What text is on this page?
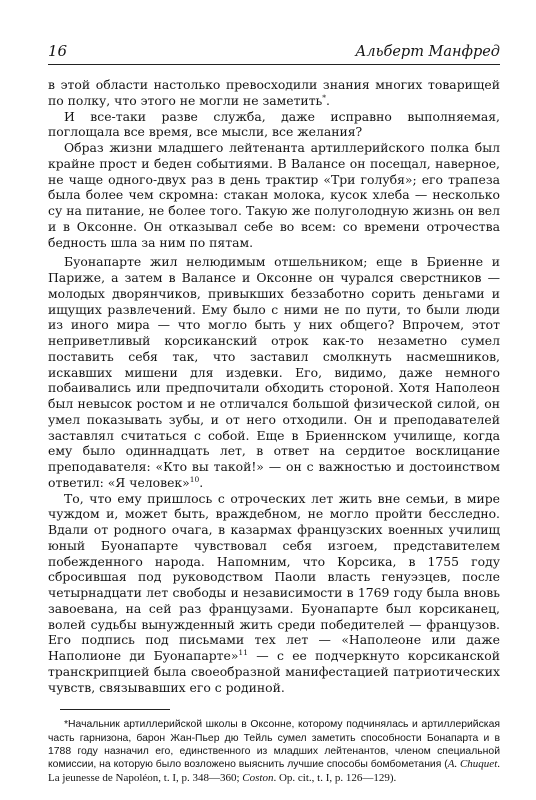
16	Альберт Манфред

в этой области настолько превосходили знания многих товарищей по полку, что этого не могли не заметить*.

И все-таки разве служба, даже исправно выполняемая, поглощала все время, все мысли, все желания?

Образ жизни младшего лейтенанта артиллерийского полка был крайне прост и беден событиями. В Валансе он посещал, наверное, не чаще одного-двух раз в день трактир «Три голубя»; его трапеза была более чем скромна: стакан молока, кусок хлеба — несколько су на питание, не более того. Такую же полуголодную жизнь он вел и в Оксонне. Он отказывал себе во всем: со времени отрочества бедность шла за ним по пятам.

Буонапарте жил нелюдимым отшельником; еще в Бриенне и Париже, а затем в Валансе и Оксонне он чурался сверстников — молодых дворянчиков, привыкших беззаботно сорить деньгами и ищущих развлечений. Ему было с ними не по пути, то были люди из иного мира — что могло быть у них общего? Впрочем, этот неприветливый корсиканский отрок как-то незаметно сумел поставить себя так, что заставил смолкнуть насмешников, искавших мишени для издевки. Его, видимо, даже немного побаивались или предпочитали обходить стороной. Хотя Наполеон был невысок ростом и не отличался большой физической силой, он умел показывать зубы, и от него отходили. Он и преподавателей заставлял считаться с собой. Еще в Бриеннском училище, когда ему было одиннадцать лет, в ответ на сердитое восклицание преподавателя: «Кто вы такой!» — он с важностью и достоинством ответил: «Я человек»$^{10}$.

То, что ему пришлось с отроческих лет жить вне семьи, в мире чуждом и, может быть, враждебном, не могло пройти бесследно. Вдали от родного очага, в казармах французских военных училищ юный Буонапарте чувствовал себя изгоем, представителем побежденного народа. Напомним, что Корсика, в 1755 году сбросившая под руководством Паоли власть генуэзцев, после четырнадцати лет свободы и независимости в 1769 году была вновь завоевана, на сей раз французами. Буонапарте был корсиканец, волей судьбы вынужденный жить среди победителей — французов. Его подпись под письмами тех лет — «Наполеоне или даже Наполионе ди Буонапарте»$^{11}$ — с ее подчеркнуто корсиканской транскрипцией была своеобразной манифестацией патриотических чувств, связывавших его с родиной.

*Начальник артиллерийской школы в Оксонне, которому подчинялась и артиллерийская часть гарнизона, барон Жан-Пьер дю Тейль сумел заметить способности Бонапарта и в 1788 году назначил его, единственного из младших лейтенантов, членом специальной комиссии, на которую было возложено выяснить лучшие способы бомбометания (A. Chuquet. La jeunesse de Napoléon, t. I, p. 348—360; Coston. Op. cit., t. I, p. 126—129).
